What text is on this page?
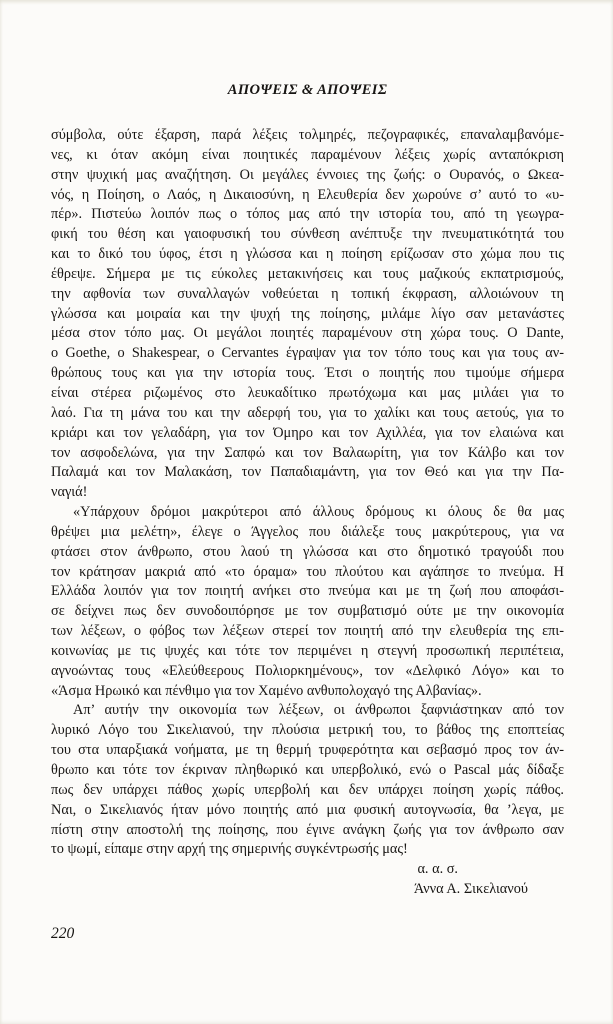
ΑΠΟΨΕΙΣ & ΑΠΟΨΕΙΣ
σύμβολα, ούτε έξαρση, παρά λέξεις τολμηρές, πεζογραφικές, επαναλαμβανόμε-
νες, κι όταν ακόμη είναι ποιητικές παραμένουν λέξεις χωρίς ανταπόκριση
στην ψυχική μας αναζήτηση. Οι μεγάλες έννοιες της ζωής: ο Ουρανός, ο Ωκεα-
νός, η Ποίηση, ο Λαός, η Δικαιοσύνη, η Ελευθερία δεν χωρούνε σ’ αυτό το «υ-
πέρ». Πιστεύω λοιπόν πως ο τόπος μας από την ιστορία του, από τη γεωγρα-
φική του θέση και γαιοφυσική του σύνθεση ανέπτυξε την πνευματικότητά του
και το δικό του ύφος, έτσι η γλώσσα και η ποίηση ερίζωσαν στο χώμα που τις
έθρεψε. Σήμερα με τις εύκολες μετακινήσεις και τους μαζικούς εκπατρισμούς,
την αφθονία των συναλλαγών νοθεύεται η τοπική έκφραση, αλλοιώνουν τη
γλώσσα και μοιραία και την ψυχή της ποίησης, μιλάμε λίγο σαν μετανάστες
μέσα στον τόπο μας. Οι μεγάλοι ποιητές παραμένουν στη χώρα τους. Ο Dante,
ο Goethe, ο Shakespear, ο Cervantes έγραψαν για τον τόπο τους και για τους αν-
θρώπους τους και για την ιστορία τους. Έτσι ο ποιητής που τιμούμε σήμερα
είναι στέρεα ριζωμένος στο λευκαδίτικο πρωτόχωμα και μας μιλάει για το
λαό. Για τη μάνα του και την αδερφή του, για το χαλίκι και τους αετούς, για το
κριάρι και τον γελαδάρη, για τον Όμηρο και τον Αχιλλέα, για τον ελαιώνα και
τον ασφοδελώνα, για την Σαπφώ και τον Βαλαωρίτη, για τον Κάλβο και τον
Παλαμά και τον Μαλακάση, τον Παπαδιαμάντη, για τον Θεό και για την Πα-
ναγιά!
«Υπάρχουν δρόμοι μακρύτεροι από άλλους δρόμους κι όλους δε θα μας
θρέψει μια μελέτη», έλεγε ο Άγγελος που διάλεξε τους μακρύτερους, για να
φτάσει στον άνθρωπο, στου λαού τη γλώσσα και στο δημοτικό τραγούδι που
τον κράτησαν μακριά από «το όραμα» του πλούτου και αγάπησε το πνεύμα. Η
Ελλάδα λοιπόν για τον ποιητή ανήκει στο πνεύμα και με τη ζωή που αποφάσι-
σε δείχνει πως δεν συνοδοιπόρησε με τον συμβατισμό ούτε με την οικονομία
των λέξεων, ο φόβος των λέξεων στερεί τον ποιητή από την ελευθερία της επι-
κοινωνίας με τις ψυχές και τότε τον περιμένει η στεγνή προσωπική περιπέτεια,
αγνοώντας τους «Ελεύθεερους Πολιορκημένους», τον «Δελφικό Λόγο» και το
«Άσμα Ηρωικό και πένθιμο για τον Χαμένο ανθυπολοχαγό της Αλβανίας».
Απ’ αυτήν την οικονομία των λέξεων, οι άνθρωποι ξαφνιάστηκαν από τον
λυρικό Λόγο του Σικελιανού, την πλούσια μετρική του, το βάθος της εποπτείας
του στα υπαρξιακά νοήματα, με τη θερμή τρυφερότητα και σεβασμό προς τον άν-
θρωπο και τότε τον έκριναν πληθωρικό και υπερβολικό, ενώ ο Pascal μάς δίδαξε
πως δεν υπάρχει πάθος χωρίς υπερβολή και δεν υπάρχει ποίηση χωρίς πάθος.
Ναι, ο Σικελιανός ήταν μόνο ποιητής από μια φυσική αυτογνωσία, θα ’λεγα, με
πίστη στην αποστολή της ποίησης, που έγινε ανάγκη ζωής για τον άνθρωπο σαν
το ψωμί, είπαμε στην αρχή της σημερινής συγκέντρωσής μας!
α. α. σ.
Άννα Α. Σικελιανού
220
